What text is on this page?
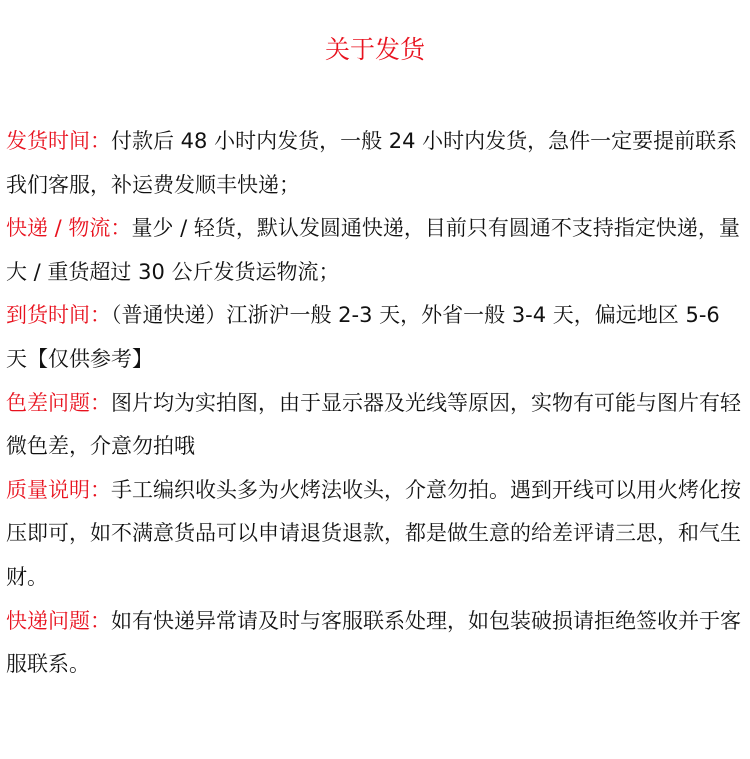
关于发货

发货时间：付款后 48 小时内发货，一般 24 小时内发货，急件一定要提前联系我们客服，补运费发顺丰快递；

快递 / 物流：量少 / 轻货，默认发圆通快递，目前只有圆通不支持指定快递，量大 / 重货超过 30 公斤发货运物流；

到货时间：（普通快递）江浙沪一般 2-3 天，外省一般 3-4 天，偏远地区 5-6 天【仅供参考】

色差问题：图片均为实拍图，由于显示器及光线等原因，实物有可能与图片有轻微色差，介意勿拍哦

质量说明：手工编织收头多为火烤法收头，介意勿拍。遇到开线可以用火烤化按压即可，如不满意货品可以申请退货退款，都是做生意的给差评请三思，和气生财。

快递问题：如有快递异常请及时与客服联系处理，如包装破损请拒绝签收并于客服联系。
